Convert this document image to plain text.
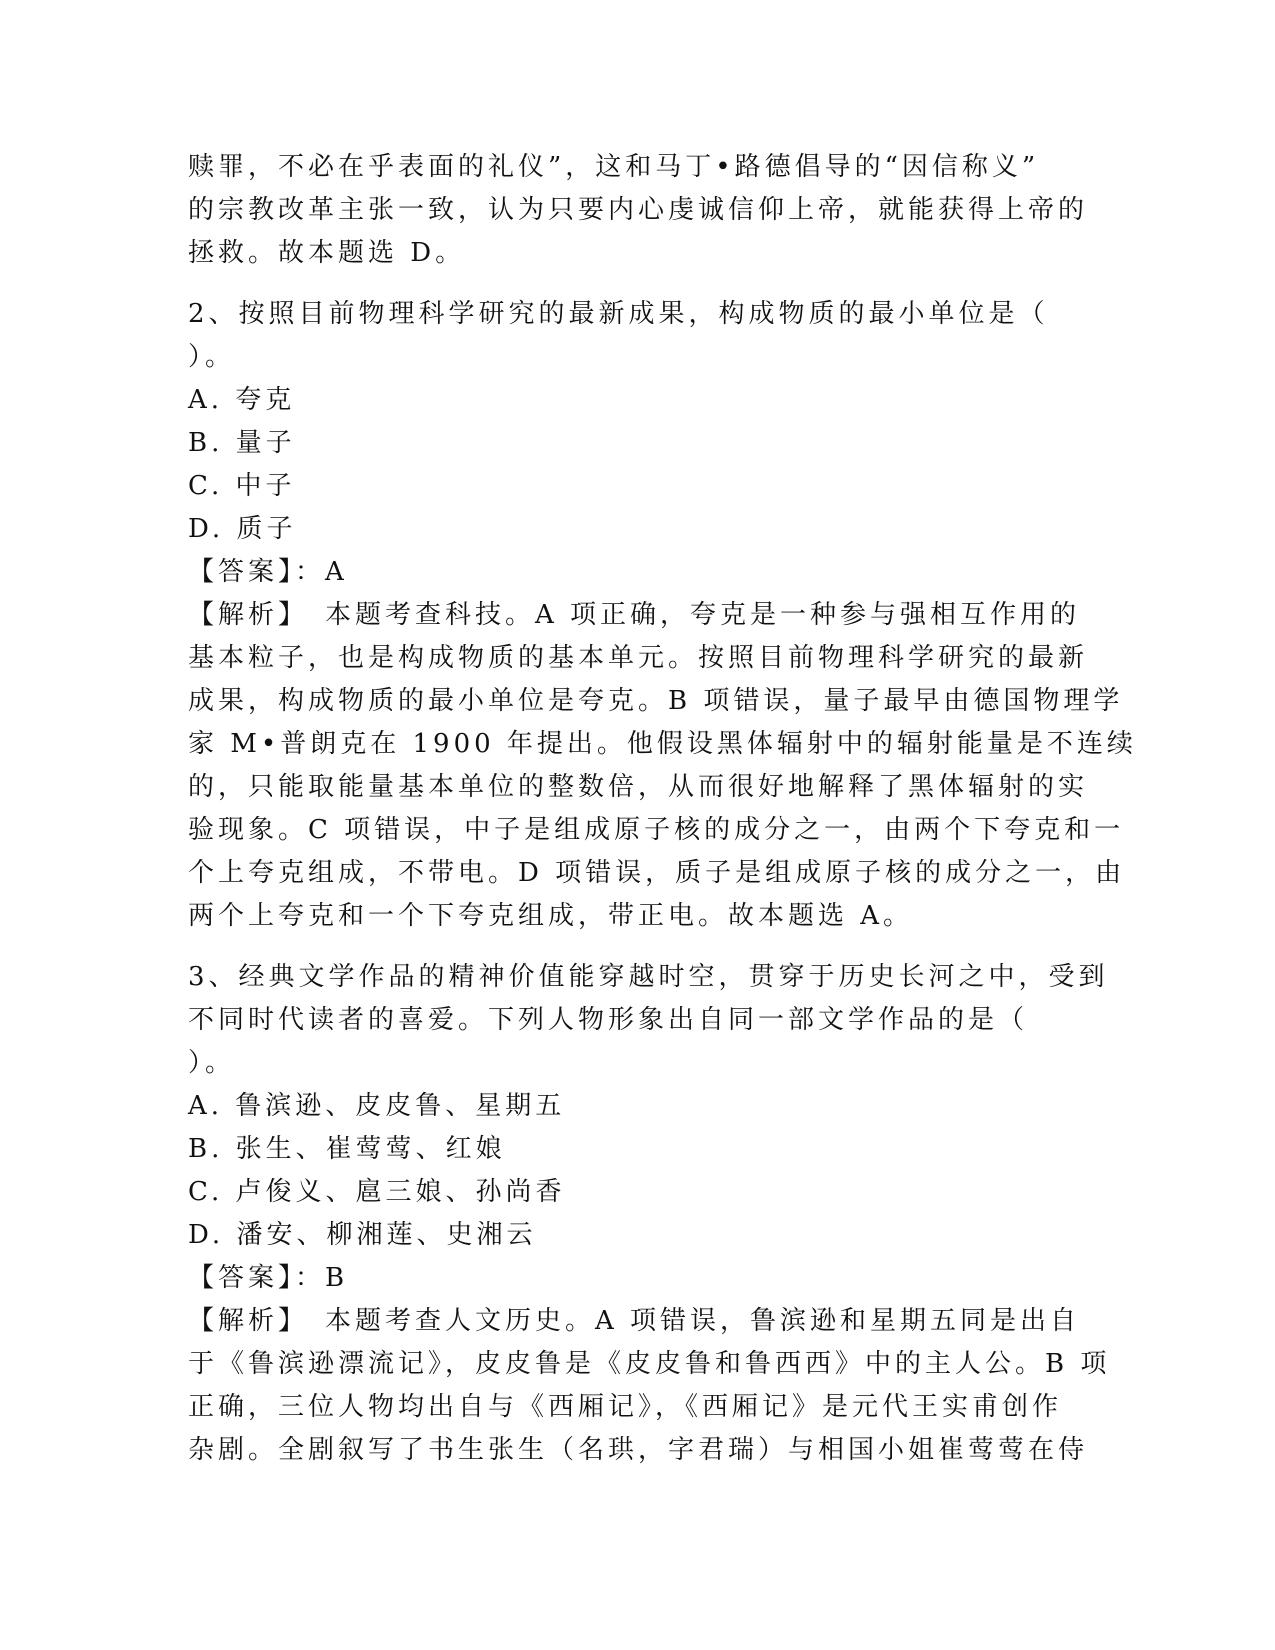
赎罪，不必在乎表面的礼仪”，这和马丁•路德倡导的“因信称义”
的宗教改革主张一致，认为只要内心虔诚信仰上帝，就能获得上帝的
拯救。故本题选 D。
2、按照目前物理科学研究的最新成果，构成物质的最小单位是（
）。
A. 夸克
B. 量子
C. 中子
D. 质子
【答案】：A
【解析】　本题考查科技。A 项正确，夸克是一种参与强相互作用的
基本粒子，也是构成物质的基本单元。按照目前物理科学研究的最新
成果，构成物质的最小单位是夸克。B 项错误，量子最早由德国物理学
家 M•普朗克在 1900 年提出。他假设黑体辐射中的辐射能量是不连续
的，只能取能量基本单位的整数倍，从而很好地解释了黑体辐射的实
验现象。C 项错误，中子是组成原子核的成分之一，由两个下夸克和一
个上夸克组成，不带电。D 项错误，质子是组成原子核的成分之一，由
两个上夸克和一个下夸克组成，带正电。故本题选 A。
3、经典文学作品的精神价值能穿越时空，贯穿于历史长河之中，受到
不同时代读者的喜爱。下列人物形象出自同一部文学作品的是（
）。
A. 鲁滨逊、皮皮鲁、星期五
B. 张生、崔莺莺、红娘
C. 卢俊义、扈三娘、孙尚香
D. 潘安、柳湘莲、史湘云
【答案】：B
【解析】　本题考查人文历史。A 项错误，鲁滨逊和星期五同是出自
于《鲁滨逊漂流记》，皮皮鲁是《皮皮鲁和鲁西西》中的主人公。B 项
正确，三位人物均出自与《西厢记》，《西厢记》是元代王实甫创作
杂剧。全剧叙写了书生张生（名珙，字君瑞）与相国小姐崔莺莺在侍
